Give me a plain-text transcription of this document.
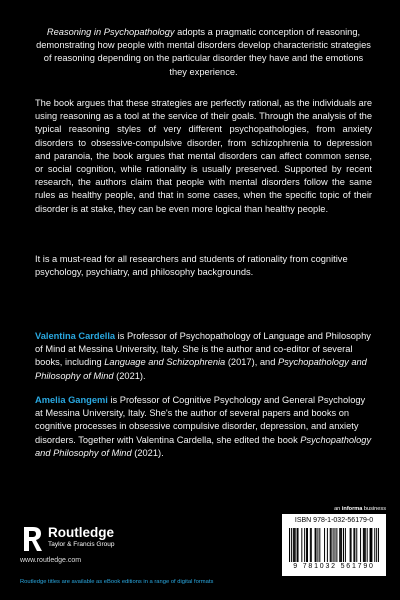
Reasoning in Psychopathology adopts a pragmatic conception of reasoning, demonstrating how people with mental disorders develop characteristic strategies of reasoning depending on the particular disorder they have and the emotions they experience.
The book argues that these strategies are perfectly rational, as the individuals are using reasoning as a tool at the service of their goals. Through the analysis of the typical reasoning styles of very different psychopathologies, from anxiety disorders to obsessive-compulsive disorder, from schizophrenia to depression and paranoia, the book argues that mental disorders can affect common sense, or social cognition, while rationality is usually preserved. Supported by recent research, the authors claim that people with mental disorders follow the same rules as healthy people, and that in some cases, when the specific topic of their disorder is at stake, they can be even more logical than healthy people.
It is a must-read for all researchers and students of rationality from cognitive psychology, psychiatry, and philosophy backgrounds.
Valentina Cardella is Professor of Psychopathology of Language and Philosophy of Mind at Messina University, Italy. She is the author and co-editor of several books, including Language and Schizophrenia (2017), and Psychopathology and Philosophy of Mind (2021).
Amelia Gangemi is Professor of Cognitive Psychology and General Psychology at Messina University, Italy. She's the author of several papers and books on cognitive processes in obsessive compulsive disorder, depression, and anxiety disorders. Together with Valentina Cardella, she edited the book Psychopathology and Philosophy of Mind (2021).
an informa business
Routledge
Taylor & Francis Group
www.routledge.com
Routledge titles are available as eBook editions in a range of digital formats
ISBN 978-1-032-56179-0
9 781032 561790
